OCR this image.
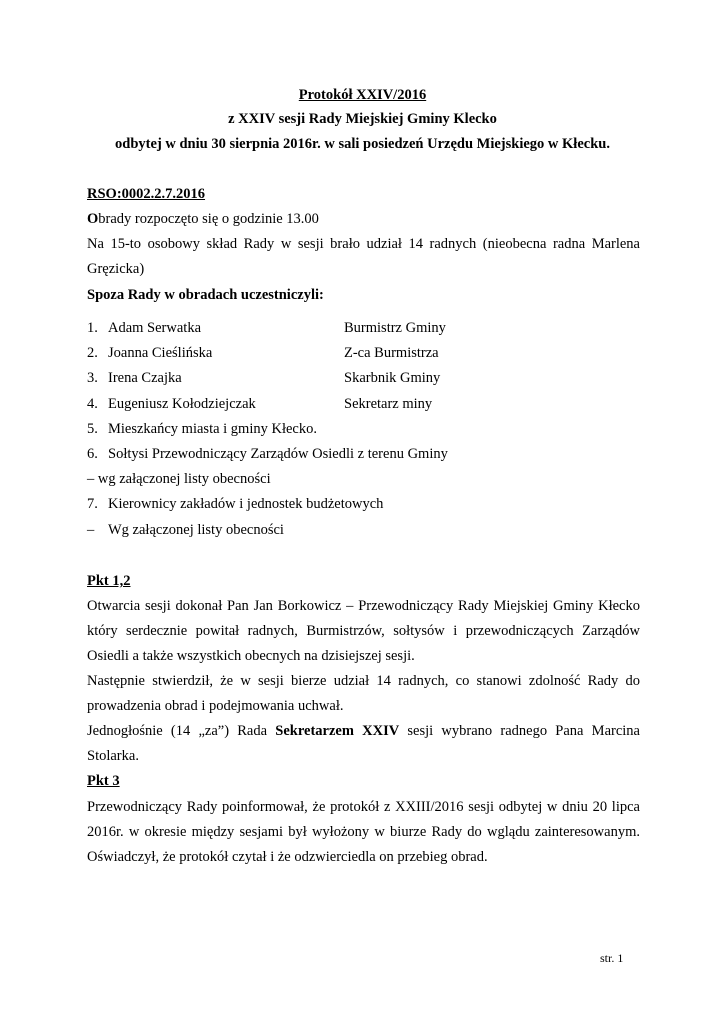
Protokół XXIV/2016
z XXIV sesji Rady Miejskiej Gminy Klecko
odbytej w dniu 30 sierpnia 2016r. w sali posiedzeń Urzędu Miejskiego w Kłecku.
RSO:0002.2.7.2016
Obrady rozpoczęto się o godzinie 13.00
Na 15-to osobowy skład Rady w sesji brało udział 14 radnych (nieobecna radna Marlena
Gręzicka)
Spoza Rady w obradach uczestniczyli:
1. Adam Serwatka	Burmistrz Gminy
2. Joanna Cieślińska	Z-ca Burmistrza
3. Irena Czajka	Skarbnik Gminy
4. Eugeniusz Kołodziejczak	Sekretarz miny
5. Mieszkańcy miasta i gminy Kłecko.
6. Sołtysi Przewodniczący Zarządów Osiedli z terenu Gminy
– wg załączonej listy obecności
7. Kierownicy zakładów i jednostek budżetowych
– Wg załączonej listy obecności
Pkt 1,2
Otwarcia sesji dokonał Pan Jan Borkowicz – Przewodniczący Rady Miejskiej Gminy Kłecko
który serdecznie powitał radnych, Burmistrzów, sołtysów i przewodniczących Zarządów
Osiedli a także wszystkich obecnych na dzisiejszej sesji.
Następnie stwierdził, że w sesji bierze udział 14 radnych, co stanowi zdolność Rady do
prowadzenia obrad i podejmowania uchwał.
Jednogłośnie (14 „za”) Rada Sekretarzem XXIV sesji wybrano radnego Pana Marcina
Stolarka.
Pkt 3
Przewodniczący Rady poinformował, że protokół z XXIII/2016 sesji odbytej w dniu 20 lipca
2016r. w okresie między sesjami był wyłożony w biurze Rady do wglądu zainteresowanym.
Oświadczył, że protokół czytał i że odzwierciedla on przebieg obrad.
str. 1
